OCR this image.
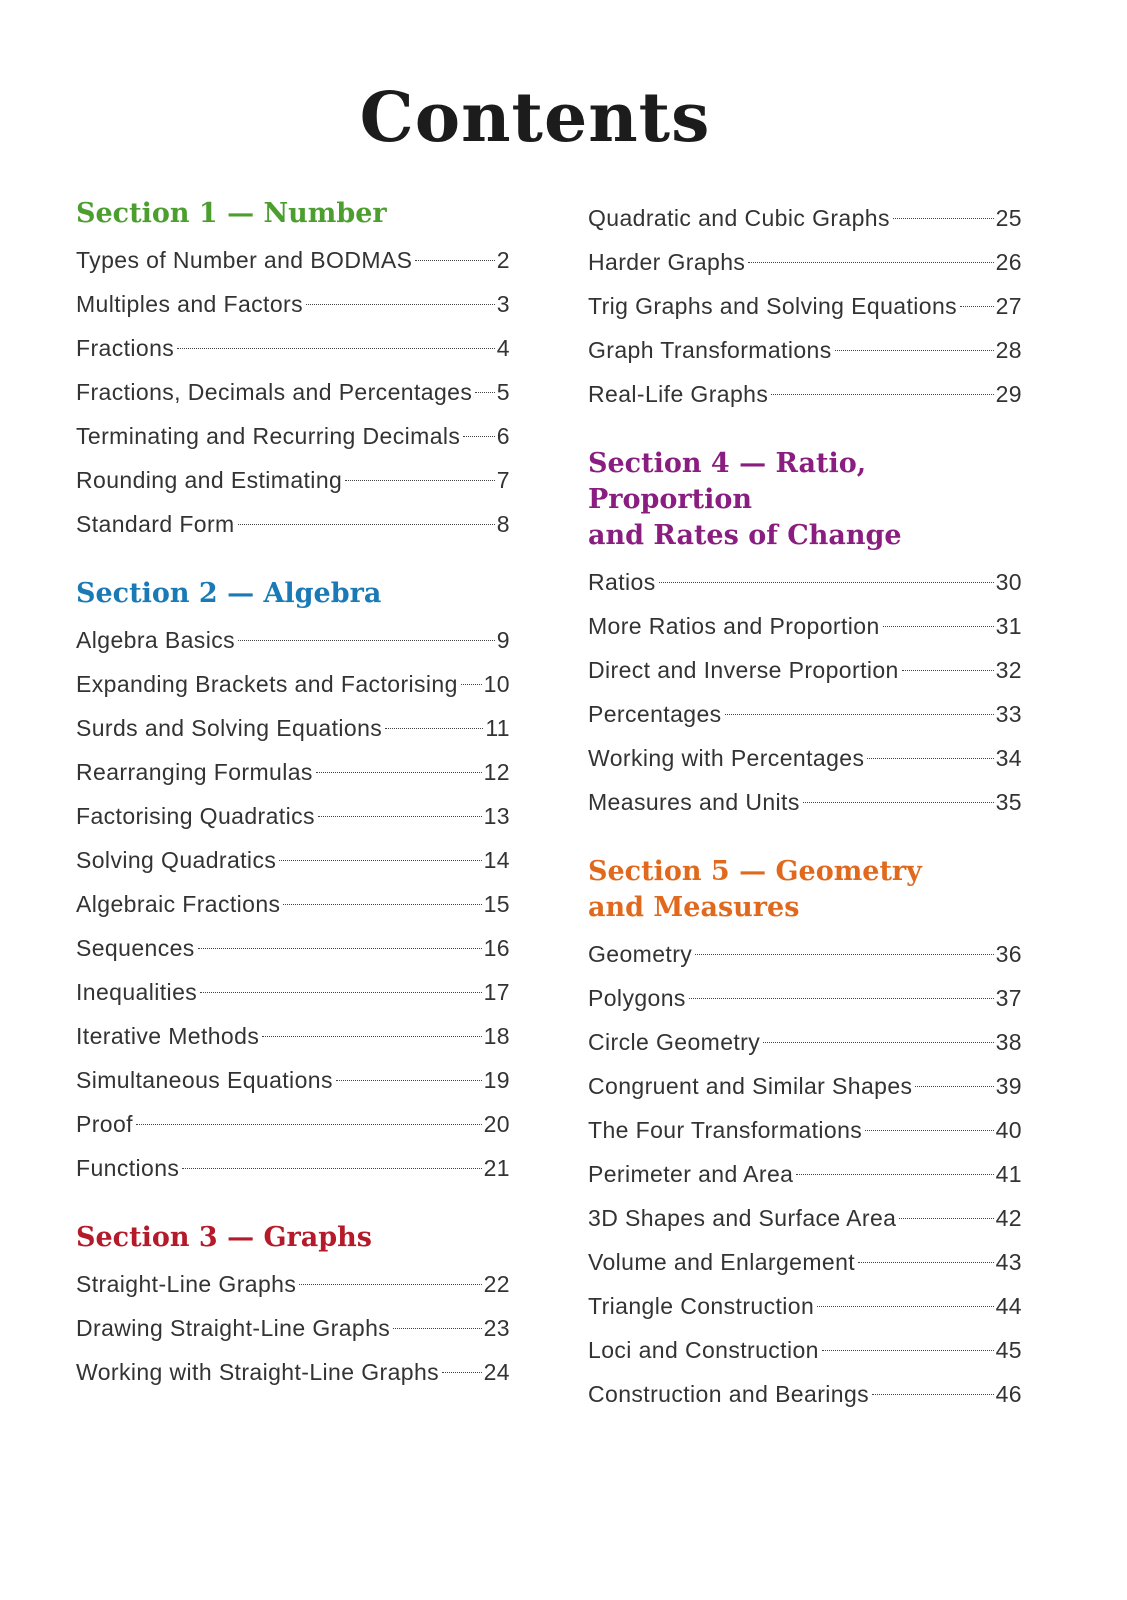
Contents
Section 1 — Number
Types of Number and BODMAS	2
Multiples and Factors	3
Fractions	4
Fractions, Decimals and Percentages 5
Terminating and Recurring Decimals 6
Rounding and Estimating	7
Standard Form	8
Section 2 — Algebra
Algebra Basics	9
Expanding Brackets and Factorising 10
Surds and Solving Equations	11
Rearranging Formulas	12
Factorising Quadratics	13
Solving Quadratics	14
Algebraic Fractions	15
Sequences	16
Inequalities	17
Iterative Methods	18
Simultaneous Equations	19
Proof	20
Functions	21
Section 3 — Graphs
Straight-Line Graphs	22
Drawing Straight-Line Graphs	23
Working with Straight-Line Graphs 24
Quadratic and Cubic Graphs	25
Harder Graphs	26
Trig Graphs and Solving Equations 27
Graph Transformations	28
Real-Life Graphs	29
Section 4 — Ratio, Proportion
and Rates of Change
Ratios	30
More Ratios and Proportion	31
Direct and Inverse Proportion	32
Percentages	33
Working with Percentages	34
Measures and Units	35
Section 5 — Geometry
and Measures
Geometry	36
Polygons	37
Circle Geometry	38
Congruent and Similar Shapes	39
The Four Transformations	40
Perimeter and Area	41
3D Shapes and Surface Area	42
Volume and Enlargement	43
Triangle Construction	44
Loci and Construction	45
Construction and Bearings	46
